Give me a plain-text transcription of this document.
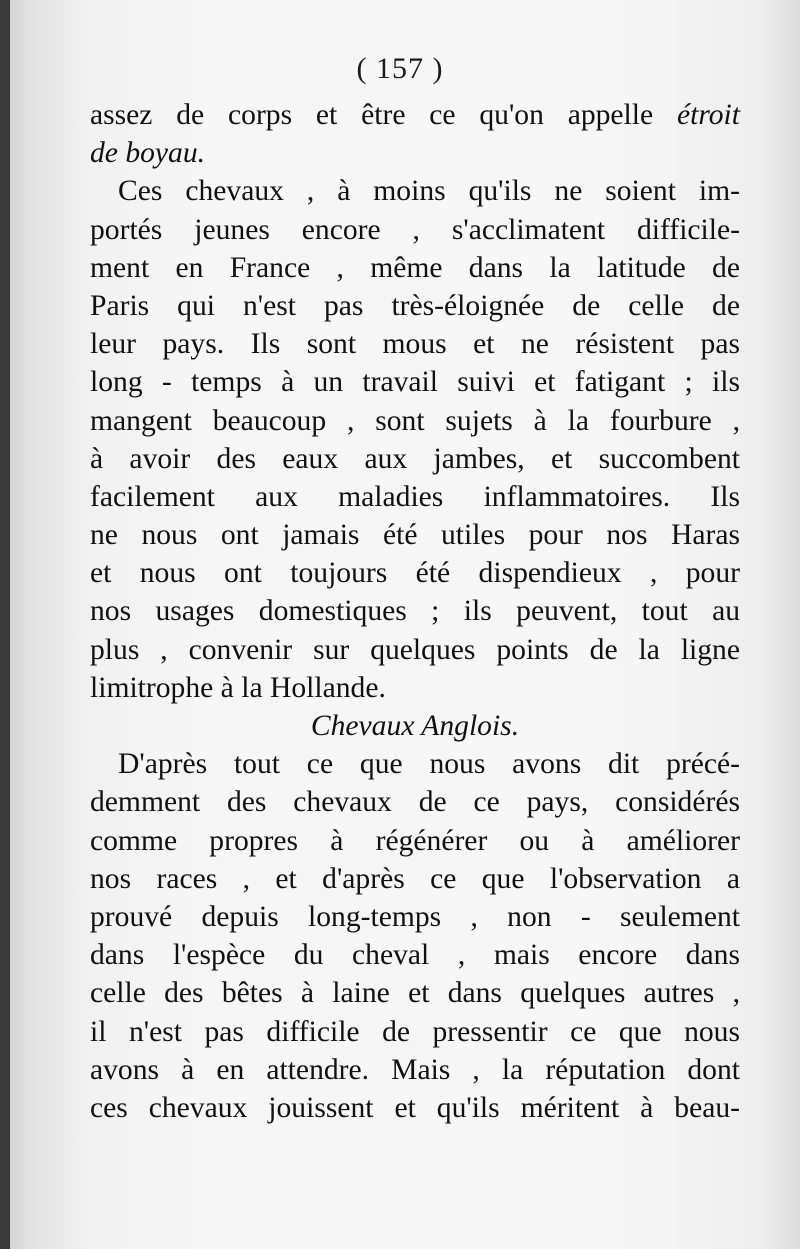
( 157 )
assez de corps et être ce qu'on appelle étroit
de boyau.
Ces chevaux , à moins qu'ils ne soient im-
portés jeunes encore , s'acclimatent difficile-
ment en France , même dans la latitude de
Paris qui n'est pas très-éloignée de celle de
leur pays. Ils sont mous et ne résistent pas
long - temps à un travail suivi et fatigant ; ils
mangent beaucoup , sont sujets à la fourbure ,
à avoir des eaux aux jambes, et succombent
facilement aux maladies inflammatoires. Ils
ne nous ont jamais été utiles pour nos Haras
et nous ont toujours été dispendieux , pour
nos usages domestiques ; ils peuvent, tout au
plus , convenir sur quelques points de la ligne
limitrophe à la Hollande.
Chevaux Anglois.
D'après tout ce que nous avons dit précé-
demment des chevaux de ce pays, considérés
comme propres à régénérer ou à améliorer
nos races , et d'après ce que l'observation a
prouvé depuis long-temps , non - seulement
dans l'espèce du cheval , mais encore dans
celle des bêtes à laine et dans quelques autres ,
il n'est pas difficile de pressentir ce que nous
avons à en attendre. Mais , la réputation dont
ces chevaux jouissent et qu'ils méritent à beau-
